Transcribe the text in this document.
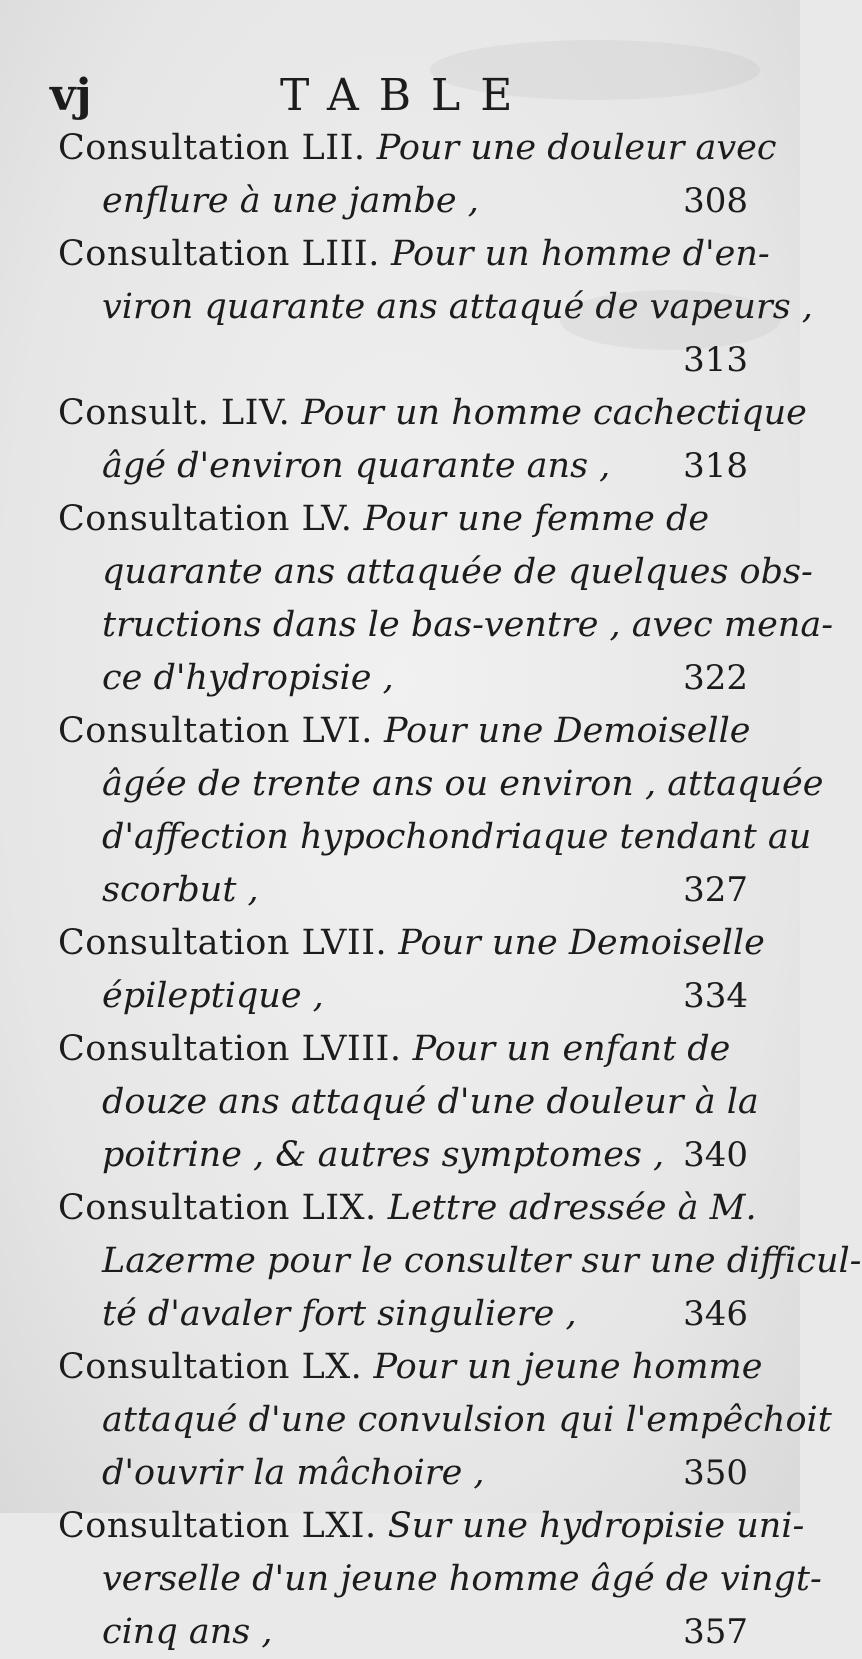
vj	TABLE
Consultation LII. Pour une douleur avec
enflure à une jambe ,	308
Consultation LIII. Pour un homme d'en-
viron quarante ans attaqué de vapeurs ,
313
Consult. LIV. Pour un homme cachectique
âgé d'environ quarante ans , 318
Consultation LV. Pour une femme de
quarante ans attaquée de quelques obs-
tructions dans le bas-ventre , avec mena-
ce d'hydropisie ,	322
Consultation LVI. Pour une Demoiselle
âgée de trente ans ou environ , attaquée
d'affection hypochondriaque tendant au
scorbut ,	327
Consultation LVII. Pour une Demoiselle
épileptique ,	334
Consultation LVIII. Pour un enfant de
douze ans attaqué d'une douleur à la
poitrine , & autres symptomes , 340
Consultation LIX. Lettre adressée à M.
Lazerme pour le consulter sur une difficul-
té d'avaler fort singuliere ,	346
Consultation LX. Pour un jeune homme
attaqué d'une convulsion qui l'empêchoit
d'ouvrir la mâchoire ,	350
Consultation LXI. Sur une hydropisie uni-
verselle d'un jeune homme âgé de vingt-
cinq ans ,	357
